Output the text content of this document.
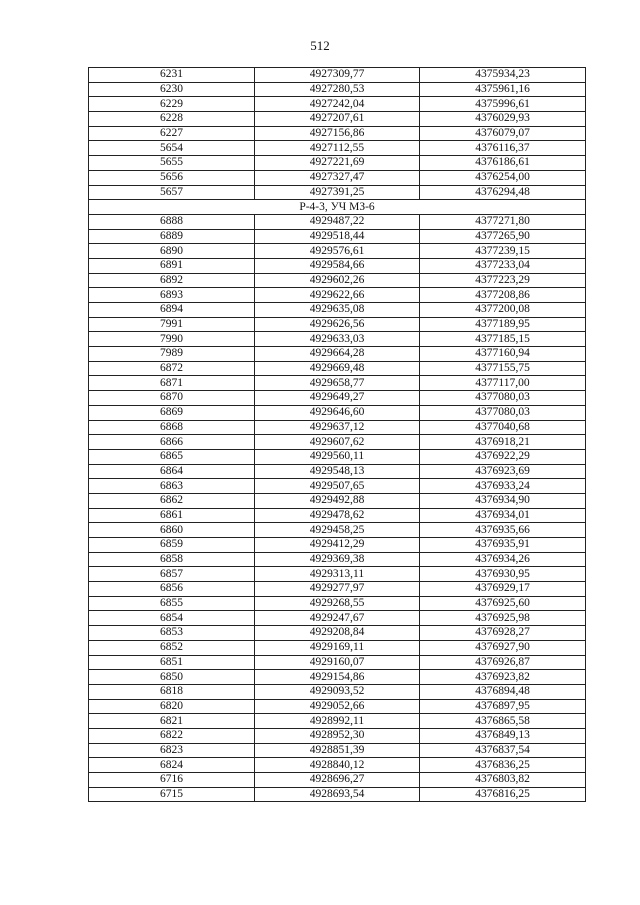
512
6231	4927309,77	4375934,23
6230	4927280,53	4375961,16
6229	4927242,04	4375996,61
6228	4927207,61	4376029,93
6227	4927156,86	4376079,07
5654	4927112,55	4376116,37
5655	4927221,69	4376186,61
5656	4927327,47	4376254,00
5657	4927391,25	4376294,48
Р-4-3, УЧ МЗ-6		
6888	4929487,22	4377271,80
6889	4929518,44	4377265,90
6890	4929576,61	4377239,15
6891	4929584,66	4377233,04
6892	4929602,26	4377223,29
6893	4929622,66	4377208,86
6894	4929635,08	4377200,08
7991	4929626,56	4377189,95
7990	4929633,03	4377185,15
7989	4929664,28	4377160,94
6872	4929669,48	4377155,75
6871	4929658,77	4377117,00
6870	4929649,27	4377080,03
6869	4929646,60	4377080,03
6868	4929637,12	4377040,68
6866	4929607,62	4376918,21
6865	4929560,11	4376922,29
6864	4929548,13	4376923,69
6863	4929507,65	4376933,24
6862	4929492,88	4376934,90
6861	4929478,62	4376934,01
6860	4929458,25	4376935,66
6859	4929412,29	4376935,91
6858	4929369,38	4376934,26
6857	4929313,11	4376930,95
6856	4929277,97	4376929,17
6855	4929268,55	4376925,60
6854	4929247,67	4376925,98
6853	4929208,84	4376928,27
6852	4929169,11	4376927,90
6851	4929160,07	4376926,87
6850	4929154,86	4376923,82
6818	4929093,52	4376894,48
6820	4929052,66	4376897,95
6821	4928992,11	4376865,58
6822	4928952,30	4376849,13
6823	4928851,39	4376837,54
6824	4928840,12	4376836,25
6716	4928696,27	4376803,82
6715	4928693,54	4376816,25
